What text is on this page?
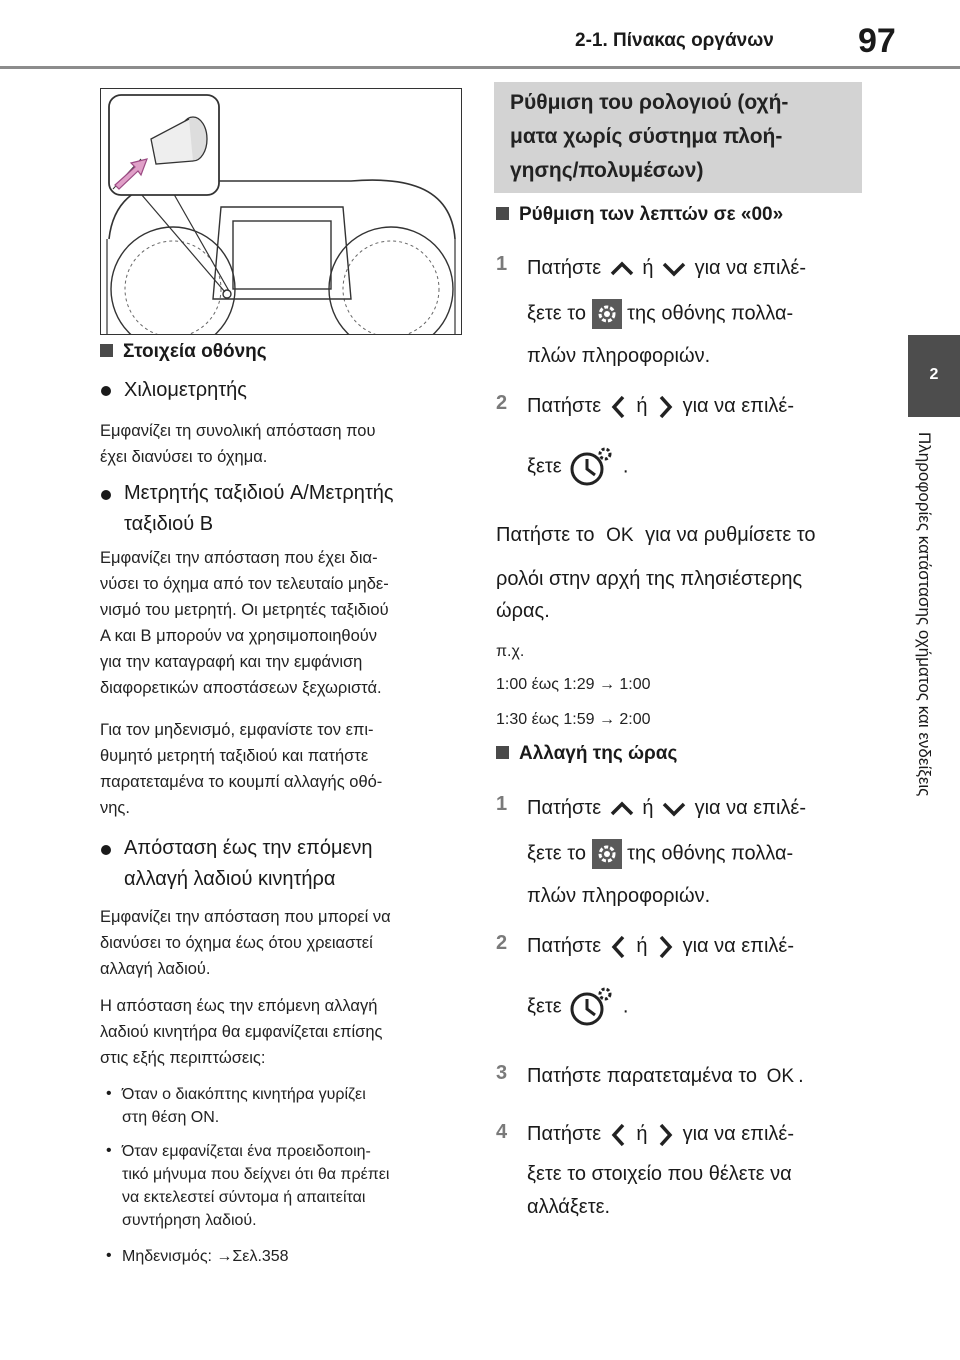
2-1. Πίνακας οργάνων 97
2
Πληροφορίες κατάστασης οχήματος και ενδείξεις
Στοιχεία οθόνης
Χιλιομετρητής
Εμφανίζει τη συνολική απόσταση που
έχει διανύσει το όχημα.
Μετρητής ταξιδιού A/Μετρητής
ταξιδιού B
Εμφανίζει την απόσταση που έχει δια-
νύσει το όχημα από τον τελευταίο μηδε-
νισμό του μετρητή. Οι μετρητές ταξιδιού
A και B μπορούν να χρησιμοποιηθούν
για την καταγραφή και την εμφάνιση
διαφορετικών αποστάσεων ξεχωριστά.
Για τον μηδενισμό, εμφανίστε τον επι-
θυμητό μετρητή ταξιδιού και πατήστε
παρατεταμένα το κουμπί αλλαγής οθό-
νης.
Απόσταση έως την επόμενη
αλλαγή λαδιού κινητήρα
Εμφανίζει την απόσταση που μπορεί να
διανύσει το όχημα έως ότου χρειαστεί
αλλαγή λαδιού.
Η απόσταση έως την επόμενη αλλαγή
λαδιού κινητήρα θα εμφανίζεται επίσης
στις εξής περιπτώσεις:
• Όταν ο διακόπτης κινητήρα γυρίζει
στη θέση ON.
• Όταν εμφανίζεται ένα προειδοποιη-
τικό μήνυμα που δείχνει ότι θα πρέπει
να εκτελεστεί σύντομα ή απαιτείται
συντήρηση λαδιού.
• Μηδενισμός: →Σελ.358
Ρύθμιση του ρολογιού (οχή-
ματα χωρίς σύστημα πλοή-
γησης/πολυμέσων)
Ρύθμιση των λεπτών σε «00»
1 Πατήστε ή για να επιλέ-
ξετε το της οθόνης πολλα-
πλών πληροφοριών.
2 Πατήστε ή για να επιλέ-
ξετε	.
Πατήστε το OK για να ρυθμίσετε το
ρολόι στην αρχή της πλησιέστερης
ώρας.
π.χ.
1:00 έως 1:29 → 1:00
1:30 έως 1:59 → 2:00
Αλλαγή της ώρας
1 Πατήστε ή για να επιλέ-
ξετε το της οθόνης πολλα-
πλών πληροφοριών.
2 Πατήστε ή για να επιλέ-
ξετε	.
3 Πατήστε παρατεταμένα το OK .
4 Πατήστε ή για να επιλέ-
ξετε το στοιχείο που θέλετε να
αλλάξετε.
